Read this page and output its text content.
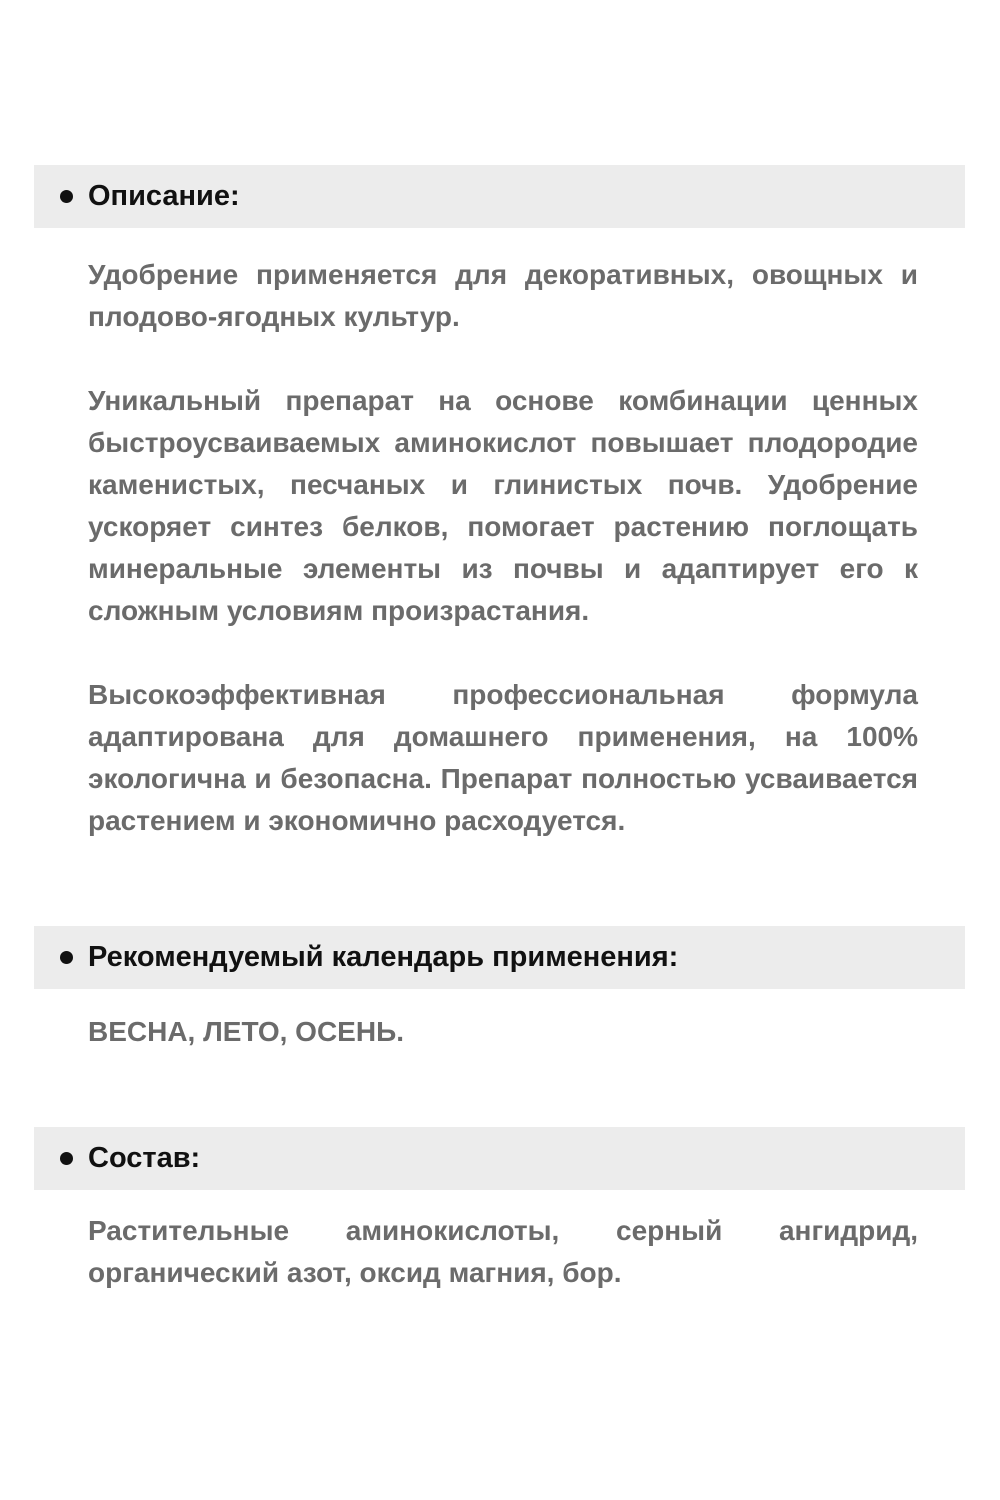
Описание:

Удобрение применяется для декоративных, овощных и плодово-ягодных культур.

Уникальный препарат на основе комбинации ценных быстроусваиваемых аминокислот повышает плодородие каменистых, песчаных и глинистых почв. Удобрение ускоряет синтез белков, помогает растению поглощать минеральные элементы из почвы и адаптирует его к сложным условиям произрастания.

Высокоэффективная профессиональная формула адаптирована для домашнего применения, на 100% экологична и безопасна. Препарат полностью усваивается растением и экономично расходуется.

Рекомендуемый календарь применения:

ВЕСНА, ЛЕТО, ОСЕНЬ.

Состав:

Растительные аминокислоты, серный ангидрид, органический азот, оксид магния, бор.
